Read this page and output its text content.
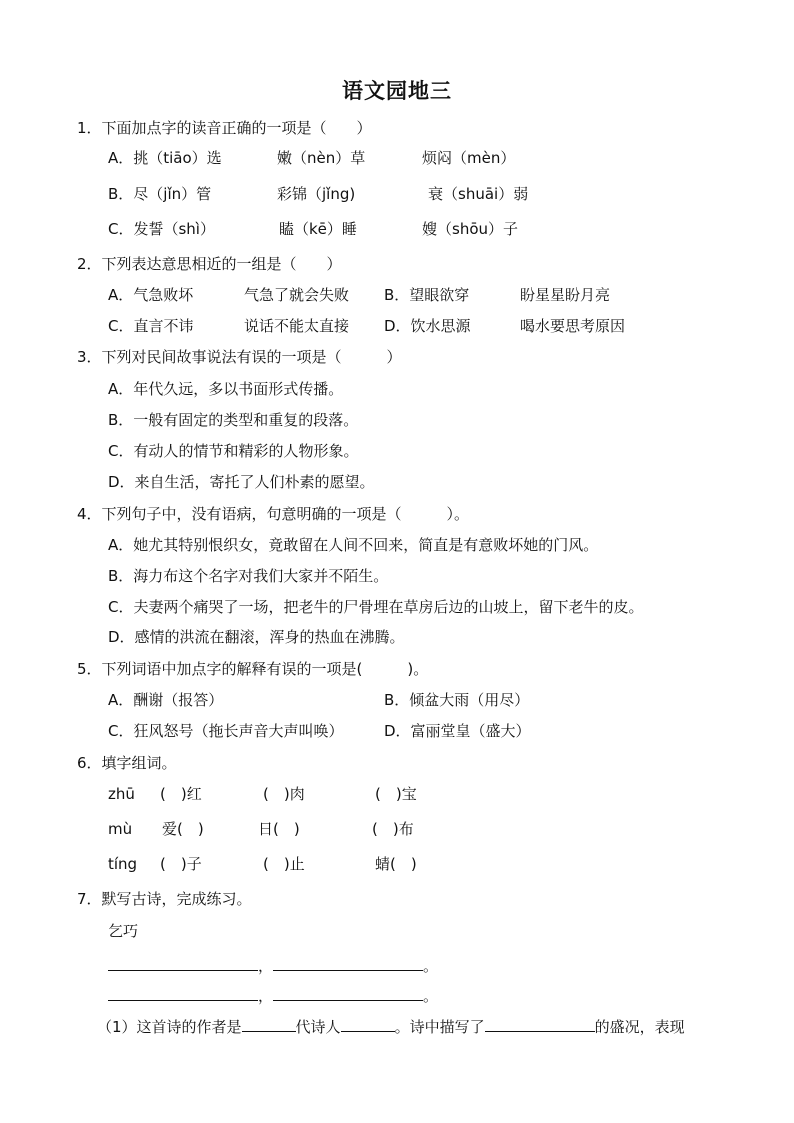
语文园地三
1．下面加点字的读音正确的一项是（　　）
A．挑（tiāo）选	嫩（nèn）草	烦闷（mèn）
B．尽（jǐn）管	彩锦（jǐng)	衰（shuāi）弱
C．发誓（shì）	瞌（kē）睡	嫂（shōu）子
2．下列表达意思相近的一组是（　　）
A．气急败坏	气急了就会失败 B．望眼欲穿	盼星星盼月亮
C．直言不讳	说话不能太直接 D．饮水思源	喝水要思考原因
3．下列对民间故事说法有误的一项是（　　　）
A．年代久远，多以书面形式传播。
B．一般有固定的类型和重复的段落。
C．有动人的情节和精彩的人物形象。
D．来自生活，寄托了人们朴素的愿望。
4．下列句子中，没有语病，句意明确的一项是（　　　）。
A．她尤其特别恨织女，竟敢留在人间不回来，简直是有意败坏她的门风。
B．海力布这个名字对我们大家并不陌生。
C．夫妻两个痛哭了一场，把老牛的尸骨埋在草房后边的山坡上，留下老牛的皮。
D．感情的洪流在翻滚，浑身的热血在沸腾。
5．下列词语中加点字的解释有误的一项是(　　　)。
A．酬谢（报答）	B．倾盆大雨（用尽）
C．狂风怒号（拖长声音大声叫唤）	D．富丽堂皇（盛大）
6．填字组词。
zhū (　)红	(　)肉	(　)宝
mù 爱(　)	日(　)	(　)布
tíng (　)子	(　)止	蜻(　)
7．默写古诗，完成练习。
乞巧
，	。
，	。
（1）这首诗的作者是	代诗人	。诗中描写了	的盛况，表现
